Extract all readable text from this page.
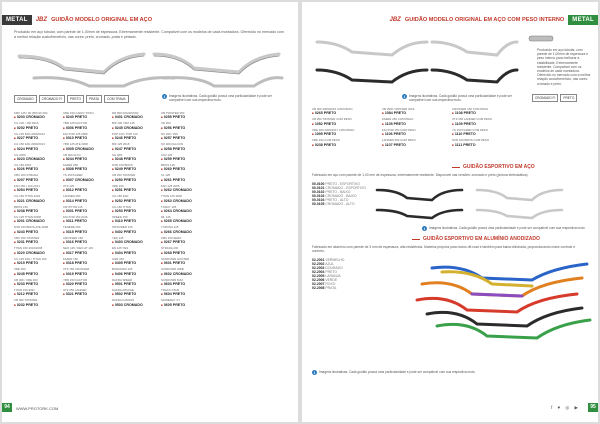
METAL	JBZ GUIDÃO MODELO ORIGINAL EM AÇO
Produzido em aço tubular, com parede de 1,00mm de espessura. Extremamente resistente. Compatível com os modelos de cada montadora. Oferecido no mercado com a melhor relação custo/benefício, nas cores: preto, cromado, prata e pintado.
CROMADO	CROMADO FI	PRETO	PRATA	COM TRAVA	i	Imagens ilustrativas. Cada guidão possui uma particularidade e pode ser compatível com sua respectiva moto.
CBX 125 / 90 (BIS 90 /90)
■ 0203 CROMADO
CG 125 / 150 MGS
■ 0202 PRETO
CG 125 FAN 2009/2014
■ 0227 PRETO
CG 150 FAN 2009/2013
■ 0224 PRETO
CG 2009
■ 0223 CROMADO
CG 160 2016
■ 0226 PRETO
CBX 200 STRADA
■ 0207 PRETO
FAN 150 / 160 2014
■ 0254 PRETO
CG 150 TITAN 2004
■ 0221 CROMADO
BROS 150
■ 0238 PRETO
CG 125 TITAN 00/08
■ 0201 CROMADO
NXR 150 BROS ATE 2008
■ 0243 PRETO
CBX 250 TWISTER
■ 0231 PRETO
TITAN 150 2004/2008
■ 0220 CROMADO
CG 125 FAN / TITAN 150
■ 0219 PRETO
XRE 300
■ 0245 PRETO
CB 300 / XRE 300
■ 0233 PRETO
TITAN 150 ESD
■ 0212 PRETO
CB 300 TWISTER
■ 0232 PRETO
XRE 190 CAIDO TITAN
■ 0240 PRETO
YBR 125 FACTOR
■ 0306 PRETO
FACTOR 125 2009
■ 0310 PRETO
YBR 125 ATE 2008
■ 0305 CROMADO
CB 300 ALTO
■ 0244 PRETO
FAZER 250
■ 0308 PRETO
YS 250 FAZER
■ 0307 CROMADO
XTZ 125
■ 0312 PRETO
LANDER 250
■ 0314 PRETO
CRYPTON 115
■ 0301 PRETO
FACTOR 150 2016
■ 0311 PRETO
TENERE 250
■ 0315 PRETO
CROSSER 150
■ 0316 PRETO
NEO 125 / NEO AT 115
■ 0317 PRETO
FAZER 150
■ 0318 PRETO
XTZ 150 CROSSER
■ 0319 PRETO
YBR 150 FACTOR
■ 0320 PRETO
XTZ 250 LANDER
■ 0321 PRETO
DR 800 ROADSTAR
■ 0401 CROMADO
BIZ 100 / BIZ 125
■ 0245 CROMADO
POP 100 / POP 110
■ 0246 PRETO
BIZ 125 2018
■ 0247 PRETO
SH 300i
■ 0248 PRETO
NXR 160 BROS
■ 0249 PRETO
CB 250 TWISTER
■ 0250 PRETO
XRE 190
■ 0251 PRETO
CG 160 FAN
■ 0252 PRETO
CG 160 TITAN
■ 0253 PRETO
SPEED 150
■ 0410 PRETO
INTRUDER 125
■ 0402 PRETO
YES 125
■ 0403 CROMADO
EN 125 YES
■ 0404 PRETO
GSR 150
■ 0405 PRETO
BURGMAN 125
■ 0406 PRETO
DAFRA SPEED
■ 0501 PRETO
DAFRA APACHE
■ 0502 PRETO
DAFRA KANSAS
■ 0503 CROMADO
CB TWISTER 250
■ 0255 PRETO
XR 200
■ 0256 PRETO
NX 150 / 200
■ 0257 PRETO
NX 400 FALCON
■ 0258 PRETO
XLR 125
■ 0259 PRETO
BROS 125
■ 0260 PRETO
XL 125
■ 0261 PRETO
FAN 125 2005
■ 0262 CROMADO
TITAN 125 2000
■ 0263 CROMADO
TODAY 125
■ 0264 CROMADO
ML 125
■ 0265 CROMADO
TURUNA 125
■ 0266 CROMADO
CBX 150 AERO
■ 0267 PRETO
STRADA 200
■ 0268 PRETO
SUNDOWN HUNTER
■ 0601 PRETO
SUNDOWN WEB
■ 0602 CROMADO
SUNDOWN MAX
■ 0603 PRETO
TRAXX STAR
■ 0604 PRETO
SHINERAY XY
■ 0605 PRETO
94	WWW.PROTORK.COM
JBZ GUIDÃO MODELO ORIGINAL EM AÇO COM PESO INTERNO	METAL
Produzido em aço tubular, com parede de 1,00mm de espessura e peso interno para melhorar a estabilidade. Extremamente resistente. Compatível com os modelos de cada montadora. Oferecido no mercado com a melhor relação custo/benefício, nas cores: cromado e preto.
CROMADO FI	PRETO
i	Imagens ilustrativas. Cada guidão possui uma particularidade e pode ser compatível com sua respectiva moto.
CB 300 2009/2015 COM PESO
■ 0265 PRETO
CB 250 TWISTER COM PESO
■ 1052 PRETO
XRE 300 2009/2017 COM PESO
■ 1095 PRETO
XRE 190 COM PESO
■ 0238 PRETO
CB 250F TWISTER 2016
■ 1084 PRETO
FAZER 250 COM PESO
■ 1105 PRETO
FACTOR 150 COM PESO
■ 1106 PRETO
LANDER 250 COM PESO
■ 1107 PRETO
CROSSER 150 COM PESO
■ 1108 PRETO
XTZ 250 LANDER COM PESO
■ 1109 PRETO
YS 150 FAZER COM PESO
■ 1110 PRETO
NXR 160 BROS COM PESO
■ 1111 PRETO
GUIDÃO ESPORTIVO EM AÇO
Fabricado em aço com parede de 1,00 mm de espessura, extremamente resistente. Disponível nas versões: cromado e preto (pintura eletrostática).
00-0100 PRETO - ESPORTIVO
00-0101 CROMADO - ESPORTIVO
00-0102 PRETO - BAIXO
00-0103 CROMADO - BAIXO
00-0104 PRETO - ALTO
00-0105 CROMADO - ALTO
i	Imagens ilustrativas. Cada guidão possui uma particularidade e pode ser compatível com sua respectiva moto.
GUIDÃO ESPORTIVO EM ALUMÍNIO ANODIZADO
Fabricado em alumínio com parede de 3 mm de espessura, alta resistência. Modelos próprios para motos off-road e também para baixa cilindrada, proporcionando maior controle e conforto.
02-2001 VERMELHO
02-2002 AZUL
02-2003 DOURADO
02-2004 PRETO
02-2005 LARANJA
02-2006 VERDE
02-2007 ROXO
02-2008 PRATA
i	Imagens ilustrativas. Cada guidão possui uma particularidade e pode ser compatível com sua respectiva moto.
f ♥ ◎ ▶	95
